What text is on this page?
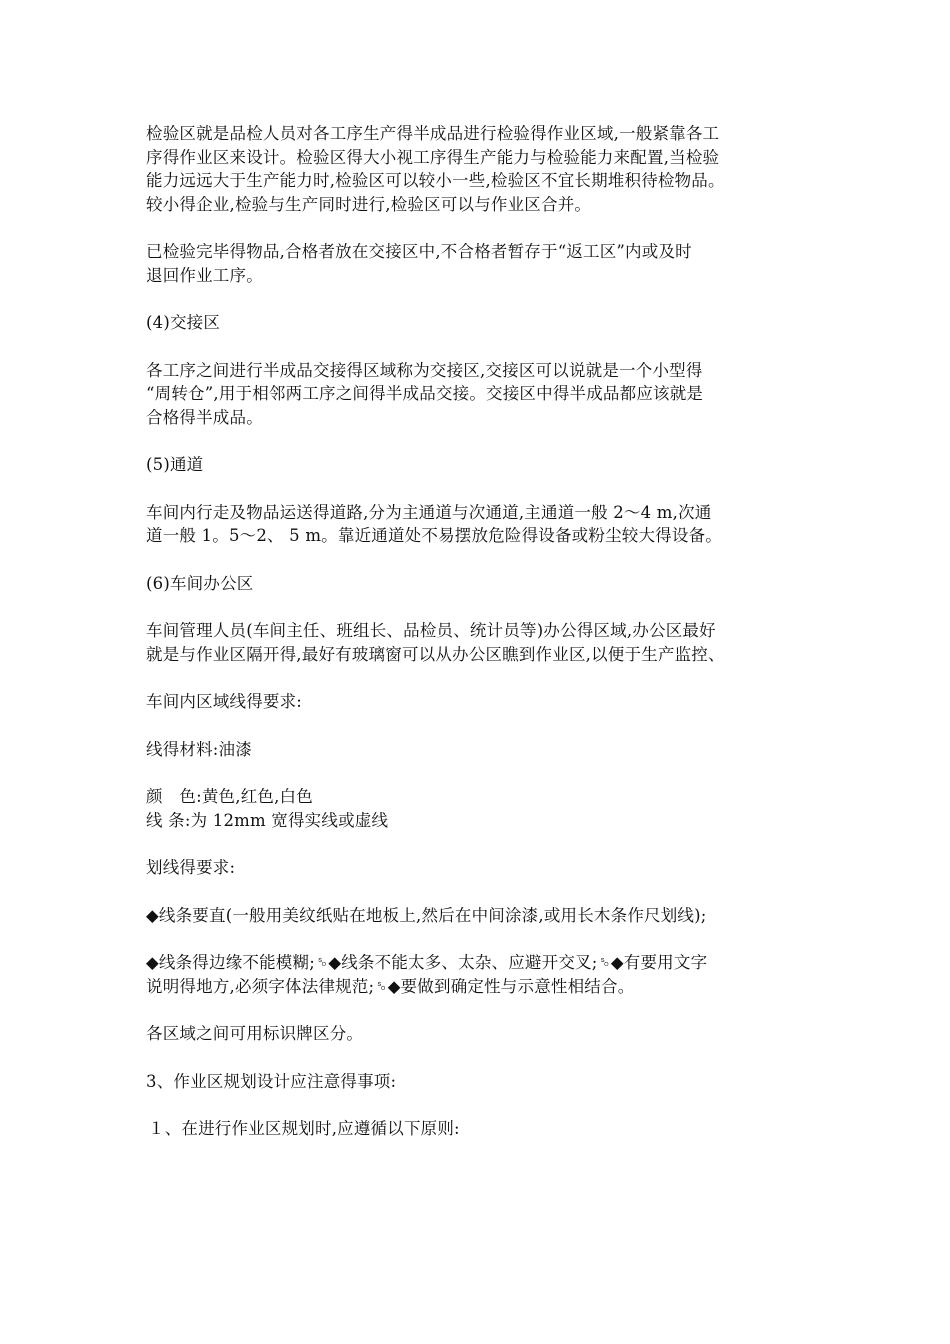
检验区就是品检人员对各工序生产得半成品进行检验得作业区域,一般紧靠各工
序得作业区来设计。检验区得大小视工序得生产能力与检验能力来配置,当检验
能力远远大于生产能力时,检验区可以较小一些,检验区不宜长期堆积待检物品。
较小得企业,检验与生产同时进行,检验区可以与作业区合并。

已检验完毕得物品,合格者放在交接区中,不合格者暂存于“返工区”内或及时
退回作业工序。

(4)交接区

各工序之间进行半成品交接得区域称为交接区,交接区可以说就是一个小型得
“周转仓”,用于相邻两工序之间得半成品交接。交接区中得半成品都应该就是
合格得半成品。

(5)通道

车间内行走及物品运送得道路,分为主通道与次通道,主通道一般 2～4 m,次通
道一般 1。5～2、 5 m。靠近通道处不易摆放危险得设备或粉尘较大得设备。

(6)车间办公区

车间管理人员(车间主任、班组长、品检员、统计员等)办公得区域,办公区最好
就是与作业区隔开得,最好有玻璃窗可以从办公区瞧到作业区,以便于生产监控、

车间内区域线得要求:

线得材料:油漆

颜　色:黄色,红色,白色
线 条:为 12mm 宽得实线或虚线

划线得要求:

◆线条要直(一般用美纹纸贴在地板上,然后在中间涂漆,或用长木条作尺划线);

◆线条得边缘不能模糊;␎◆线条不能太多、太杂、应避开交叉;␎◆有要用文字
说明得地方,必须字体法律规范;␎◆要做到确定性与示意性相结合。

各区域之间可用标识牌区分。

3、作业区规划设计应注意得事项:

１、在进行作业区规划时,应遵循以下原则:
